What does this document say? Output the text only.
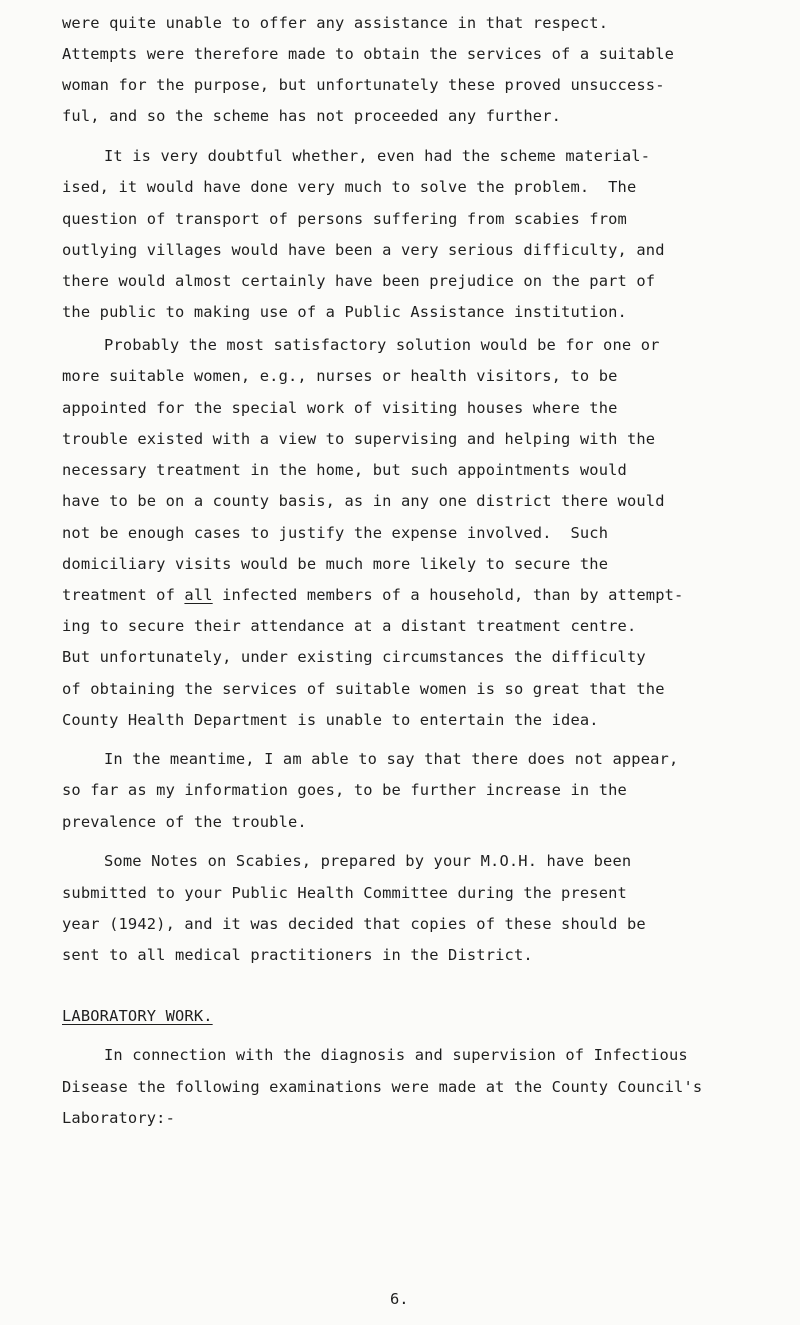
were quite unable to offer any assistance in that respect.
Attempts were therefore made to obtain the services of a suitable
woman for the purpose, but unfortunately these proved unsuccess-
ful, and so the scheme has not proceeded any further.
It is very doubtful whether, even had the scheme material-
ised, it would have done very much to solve the problem.  The
question of transport of persons suffering from scabies from
outlying villages would have been a very serious difficulty, and
there would almost certainly have been prejudice on the part of
the public to making use of a Public Assistance institution.
Probably the most satisfactory solution would be for one or
more suitable women, e.g., nurses or health visitors, to be
appointed for the special work of visiting houses where the
trouble existed with a view to supervising and helping with the
necessary treatment in the home, but such appointments would
have to be on a county basis, as in any one district there would
not be enough cases to justify the expense involved.  Such
domiciliary visits would be much more likely to secure the
treatment of all infected members of a household, than by attempt-
ing to secure their attendance at a distant treatment centre.
But unfortunately, under existing circumstances the difficulty
of obtaining the services of suitable women is so great that the
County Health Department is unable to entertain the idea.
In the meantime, I am able to say that there does not appear,
so far as my information goes, to be further increase in the
prevalence of the trouble.
Some Notes on Scabies, prepared by your M.O.H. have been
submitted to your Public Health Committee during the present
year (1942), and it was decided that copies of these should be
sent to all medical practitioners in the District.
LABORATORY WORK.
In connection with the diagnosis and supervision of Infectious
Disease the following examinations were made at the County Council's
Laboratory:-
6.
